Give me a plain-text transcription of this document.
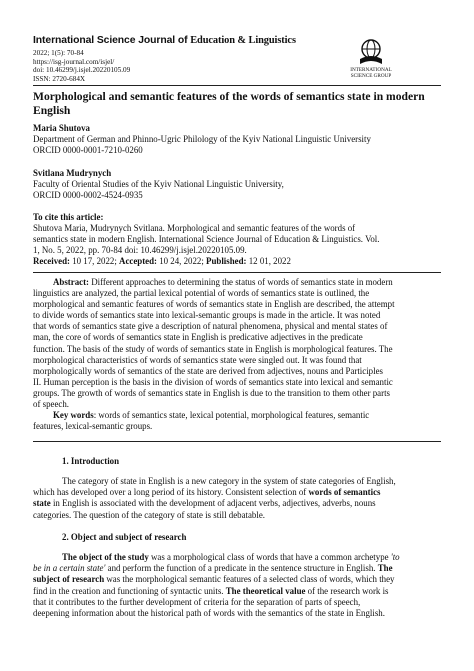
International Science Journal of Education & Linguistics
2022; 1(5): 70-84
https://isg-journal.com/isjel/
doi: 10.46299/j.isjel.20220105.09
ISSN: 2720-684X
INTERNATIONAL
SCIENCE GROUP
Morphological and semantic features of the words of semantics state in modern English
Maria Shutova
Department of German and Phinno-Ugric Philology of the Kyiv National Linguistic University
ORCID 0000-0001-7210-0260
Svitlana Mudrynych
Faculty of Oriental Studies of the Kyiv National Linguistic University,
ORCID 0000-0002-4524-0935
To cite this article:
Shutova Maria, Mudrynych Svitlana. Morphological and semantic features of the words of
semantics state in modern English. International Science Journal of Education & Linguistics. Vol.
1, No. 5, 2022, pp. 70-84 doi: 10.46299/j.isjel.20220105.09.
Received: 10 17, 2022; Accepted: 10 24, 2022; Published: 12 01, 2022
Abstract: Different approaches to determining the status of words of semantics state in modern
linguistics are analyzed, the partial lexical potential of words of semantics state is outlined, the
morphological and semantic features of words of semantics state in English are described, the attempt
to divide words of semantics state into lexical-semantic groups is made in the article. It was noted
that words of semantics state give a description of natural phenomena, physical and mental states of
man, the core of words of semantics state in English is predicative adjectives in the predicate
function. The basis of the study of words of semantics state in English is morphological features. The
morphological characteristics of words of semantics state were singled out. It was found that
morphologically words of semantics of the state are derived from adjectives, nouns and Participles
II. Human perception is the basis in the division of words of semantics state into lexical and semantic
groups. The growth of words of semantics state in English is due to the transition to them other parts
of speech.
Key words: words of semantics state, lexical potential, morphological features, semantic
features, lexical-semantic groups.
1. Introduction
The category of state in English is a new category in the system of state categories of English,
which has developed over a long period of its history. Consistent selection of words of semantics
state in English is associated with the development of adjacent verbs, adjectives, adverbs, nouns
categories. The question of the category of state is still debatable.
2. Object and subject of research
The object of the study was a morphological class of words that have a common archetype 'to
be in a certain state' and perform the function of a predicate in the sentence structure in English. The
subject of research was the morphological semantic features of a selected class of words, which they
find in the creation and functioning of syntactic units. The theoretical value of the research work is
that it contributes to the further development of criteria for the separation of parts of speech,
deepening information about the historical path of words with the semantics of the state in English.
